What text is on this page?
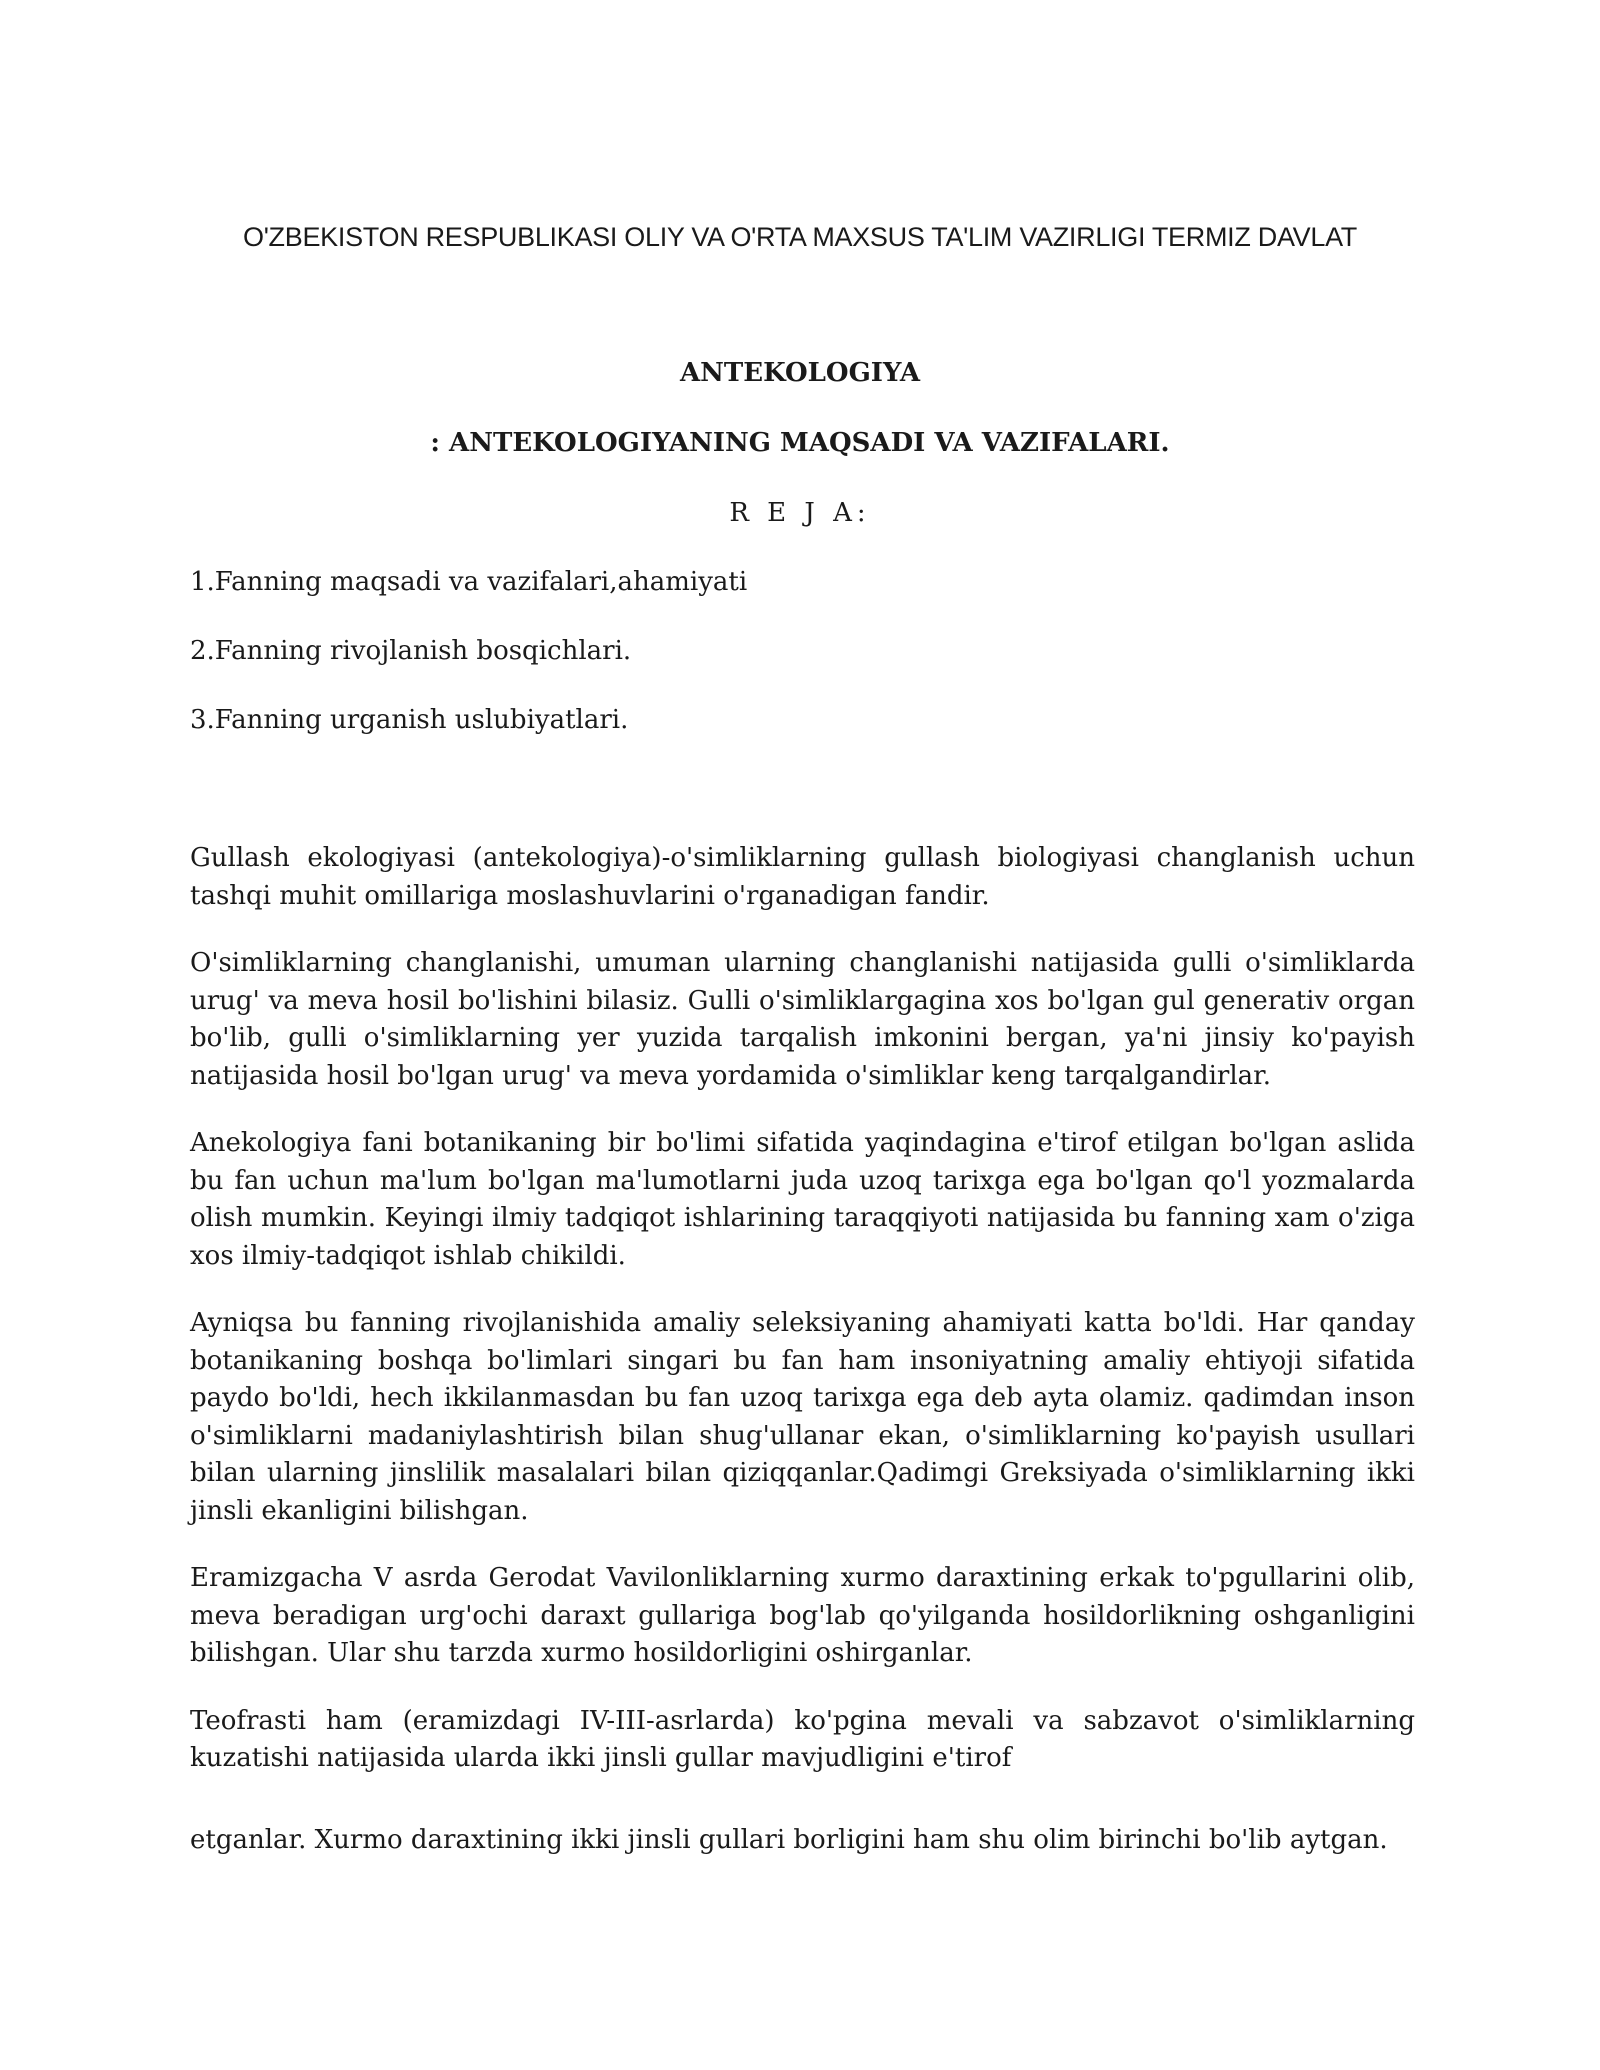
O'ZBEKISTON RESPUBLIKASI OLIY VA O'RTA MAXSUS TA'LIM VAZIRLIGI TERMIZ DAVLAT
ANTEKOLOGIYA
: ANTEKOLOGIYANING MAQSADI VA VAZIFALARI.
R E J A:
1.Fanning maqsadi va vazifalari,ahamiyati
2.Fanning rivojlanish bosqichlari.
3.Fanning urganish uslubiyatlari.

Gullash ekologiyasi (antekologiya)-o'simliklarning gullash biologiyasi changlanish uchun tashqi muhit omillariga moslashuvlarini o'rganadigan fandir.

O'simliklarning changlanishi, umuman ularning changlanishi natijasida gulli o'simliklarda urug' va meva hosil bo'lishini bilasiz. Gulli o'simliklargagina xos bo'lgan gul generativ organ bo'lib, gulli o'simliklarning yer yuzida tarqalish imkonini bergan, ya'ni jinsiy ko'payish natijasida hosil bo'lgan urug' va meva yordamida o'simliklar keng tarqalgandirlar.

Anekologiya fani botanikaning bir bo'limi sifatida yaqindagina e'tirof etilgan bo'lgan aslida bu fan uchun ma'lum bo'lgan ma'lumotlarni juda uzoq tarixga ega bo'lgan qo'l yozmalarda olish mumkin. Keyingi ilmiy tadqiqot ishlarining taraqqiyoti natijasida bu fanning xam o'ziga xos ilmiy-tadqiqot ishlab chikildi.

Ayniqsa bu fanning rivojlanishida amaliy seleksiyaning ahamiyati katta bo'ldi. Har qanday botanikaning boshqa bo'limlari singari bu fan ham insoniyatning amaliy ehtiyoji sifatida paydo bo'ldi, hech ikkilanmasdan bu fan uzoq tarixga ega deb ayta olamiz. qadimdan inson o'simliklarni madaniylashtirish bilan shug'ullanar ekan, o'simliklarning ko'payish usullari bilan ularning jinslilik masalalari bilan qiziqqanlar.Qadimgi Greksiyada o'simliklarning ikki jinsli ekanligini bilishgan.

Eramizgacha V asrda Gerodat Vavilonliklarning xurmo daraxtining erkak to'pgullarini olib, meva beradigan urg'ochi daraxt gullariga bog'lab qo'yilganda hosildorlikning oshganligini bilishgan. Ular shu tarzda xurmo hosildorligini oshirganlar.

Teofrasti ham (eramizdagi IV-III-asrlarda) ko'pgina mevali va sabzavot o'simliklarning kuzatishi natijasida ularda ikki jinsli gullar mavjudligini e'tirof

etganlar. Xurmo daraxtining ikki jinsli gullari borligini ham shu olim birinchi bo'lib aytgan.
